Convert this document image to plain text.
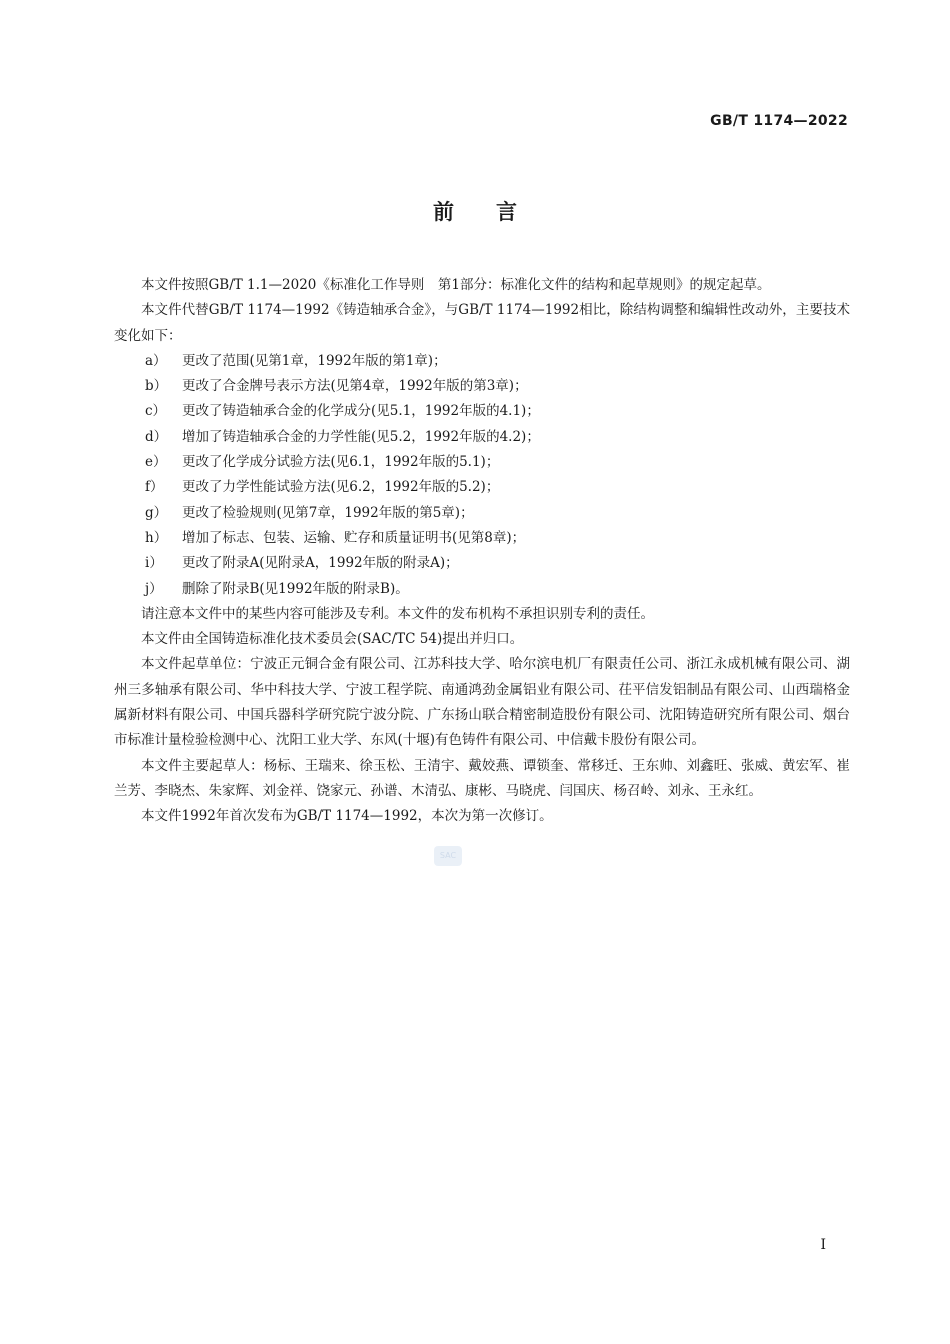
GB/T 1174—2022
前言

本文件按照GB/T 1.1—2020《标准化工作导则　第1部分：标准化文件的结构和起草规则》的规定起草。

本文件代替GB/T 1174—1992《铸造轴承合金》，与GB/T 1174—1992相比，除结构调整和编辑性改动外，主要技术变化如下：

a）	更改了范围(见第1章，1992年版的第1章)；
b）	更改了合金牌号表示方法(见第4章，1992年版的第3章)；
c）	更改了铸造轴承合金的化学成分(见5.1，1992年版的4.1)；
d）	增加了铸造轴承合金的力学性能(见5.2，1992年版的4.2)；
e）	更改了化学成分试验方法(见6.1，1992年版的5.1)；
f）	更改了力学性能试验方法(见6.2，1992年版的5.2)；
g）	更改了检验规则(见第7章，1992年版的第5章)；
h）	增加了标志、包装、运输、贮存和质量证明书(见第8章)；
i）	更改了附录A(见附录A，1992年版的附录A)；
j）	删除了附录B(见1992年版的附录B)。

请注意本文件中的某些内容可能涉及专利。本文件的发布机构不承担识别专利的责任。

本文件由全国铸造标准化技术委员会(SAC/TC 54)提出并归口。

本文件起草单位：宁波正元铜合金有限公司、江苏科技大学、哈尔滨电机厂有限责任公司、浙江永成机械有限公司、湖州三多轴承有限公司、华中科技大学、宁波工程学院、南通鸿劲金属铝业有限公司、茌平信发铝制品有限公司、山西瑞格金属新材料有限公司、中国兵器科学研究院宁波分院、广东扬山联合精密制造股份有限公司、沈阳铸造研究所有限公司、烟台市标准计量检验检测中心、沈阳工业大学、东风(十堰)有色铸件有限公司、中信戴卡股份有限公司。

本文件主要起草人：杨标、王瑞来、徐玉松、王清宇、戴姣燕、谭锁奎、常移迁、王东帅、刘鑫旺、张威、黄宏军、崔兰芳、李晓杰、朱家辉、刘金祥、饶家元、孙谱、木清弘、康彬、马晓虎、闫国庆、杨召岭、刘永、王永红。

本文件1992年首次发布为GB/T 1174—1992，本次为第一次修订。

SAC
I
